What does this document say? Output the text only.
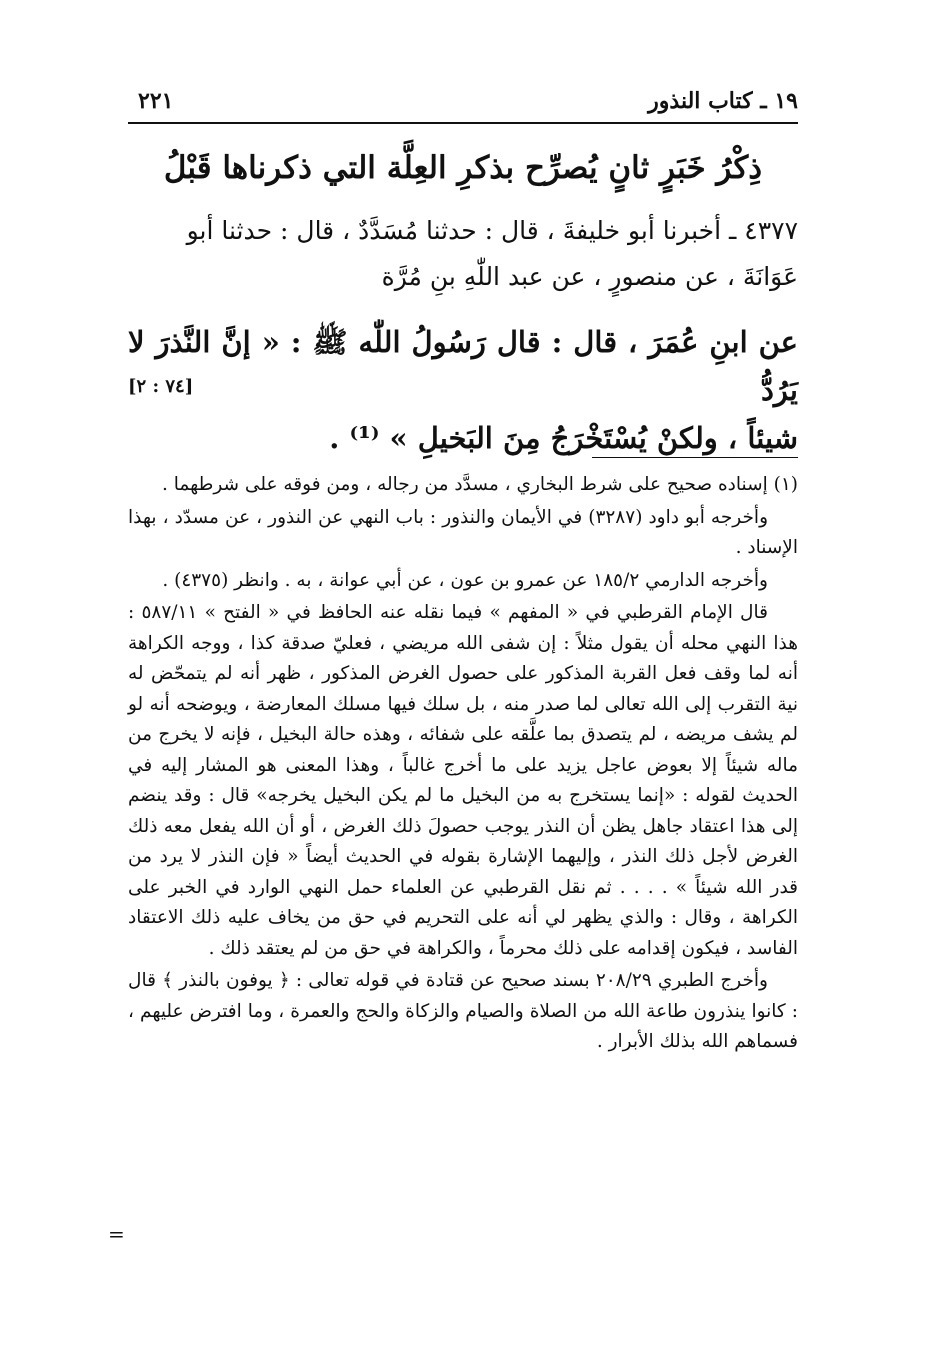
١٩ ـ كتاب النذور
٢٢١
ذِكْرُ خَبَرٍ ثانٍ يُصرِّح بذكرِ العِلَّة التي ذكرناها قَبْلُ

٤٣٧٧ ـ أخبرنا أبو خليفةَ ، قال : حدثنا مُسَدَّدٌ ، قال : حدثنا أبو

عَوَانَةَ ، عن منصورٍ ، عن عبد اللّٰهِ بنِ مُرَّة

عن ابنِ عُمَرَ ، قال : قال رَسُولُ اللّٰه ﷺ : « إنَّ النَّذرَ لا يَرُدُّ

شيئاً ، ولكنْ يُسْتَخْرَجُ مِنَ البَخيلِ » ⁽¹⁾ .

[٧٤ : ٢]

(١) إسناده صحيح على شرط البخاري ، مسدَّد من رجاله ، ومن فوقه على شرطهما .

وأخرجه أبو داود (٣٢٨٧) في الأيمان والنذور : باب النهي عن النذور ، عن مسدّد ، بهذا الإسناد .

وأخرجه الدارمي ١٨٥/٢ عن عمرو بن عون ، عن أبي عوانة ، به . وانظر (٤٣٧٥) .

قال الإمام القرطبي في « المفهم » فيما نقله عنه الحافظ في « الفتح » ٥٨٧/١١ : هذا النهي محله أن يقول مثلاً : إن شفى الله مريضي ، فعليّ صدقة كذا ، ووجه الكراهة أنه لما وقف فعل القربة المذكور على حصول الغرض المذكور ، ظهر أنه لم يتمحّض له نية التقرب إلى الله تعالى لما صدر منه ، بل سلك فيها مسلك المعارضة ، ويوضحه أنه لو لم يشف مريضه ، لم يتصدق بما علَّقه على شفائه ، وهذه حالة البخيل ، فإنه لا يخرج من ماله شيئاً إلا بعوض عاجل يزيد على ما أخرج غالباً ، وهذا المعنى هو المشار إليه في الحديث لقوله : «إنما يستخرج به من البخيل ما لم يكن البخيل يخرجه» قال : وقد ينضم إلى هذا اعتقاد جاهل يظن أن النذر يوجب حصولَ ذلك الغرض ، أو أن الله يفعل معه ذلك الغرض لأجل ذلك النذر ، وإليهما الإشارة بقوله في الحديث أيضاً « فإن النذر لا يرد من قدر الله شيئاً » . . . . ثم نقل القرطبي عن العلماء حمل النهي الوارد في الخبر على الكراهة ، وقال : والذي يظهر لي أنه على التحريم في حق من يخاف عليه ذلك الاعتقاد الفاسد ، فيكون إقدامه على ذلك محرماً ، والكراهة في حق من لم يعتقد ذلك .

وأخرج الطبري ٢٠٨/٢٩ بسند صحيح عن قتادة في قوله تعالى : ﴿ يوفون بالنذر ﴾ قال : كانوا ينذرون طاعة الله من الصلاة والصيام والزكاة والحج والعمرة ، وما افترض عليهم ، فسماهم الله بذلك الأبرار .

=
